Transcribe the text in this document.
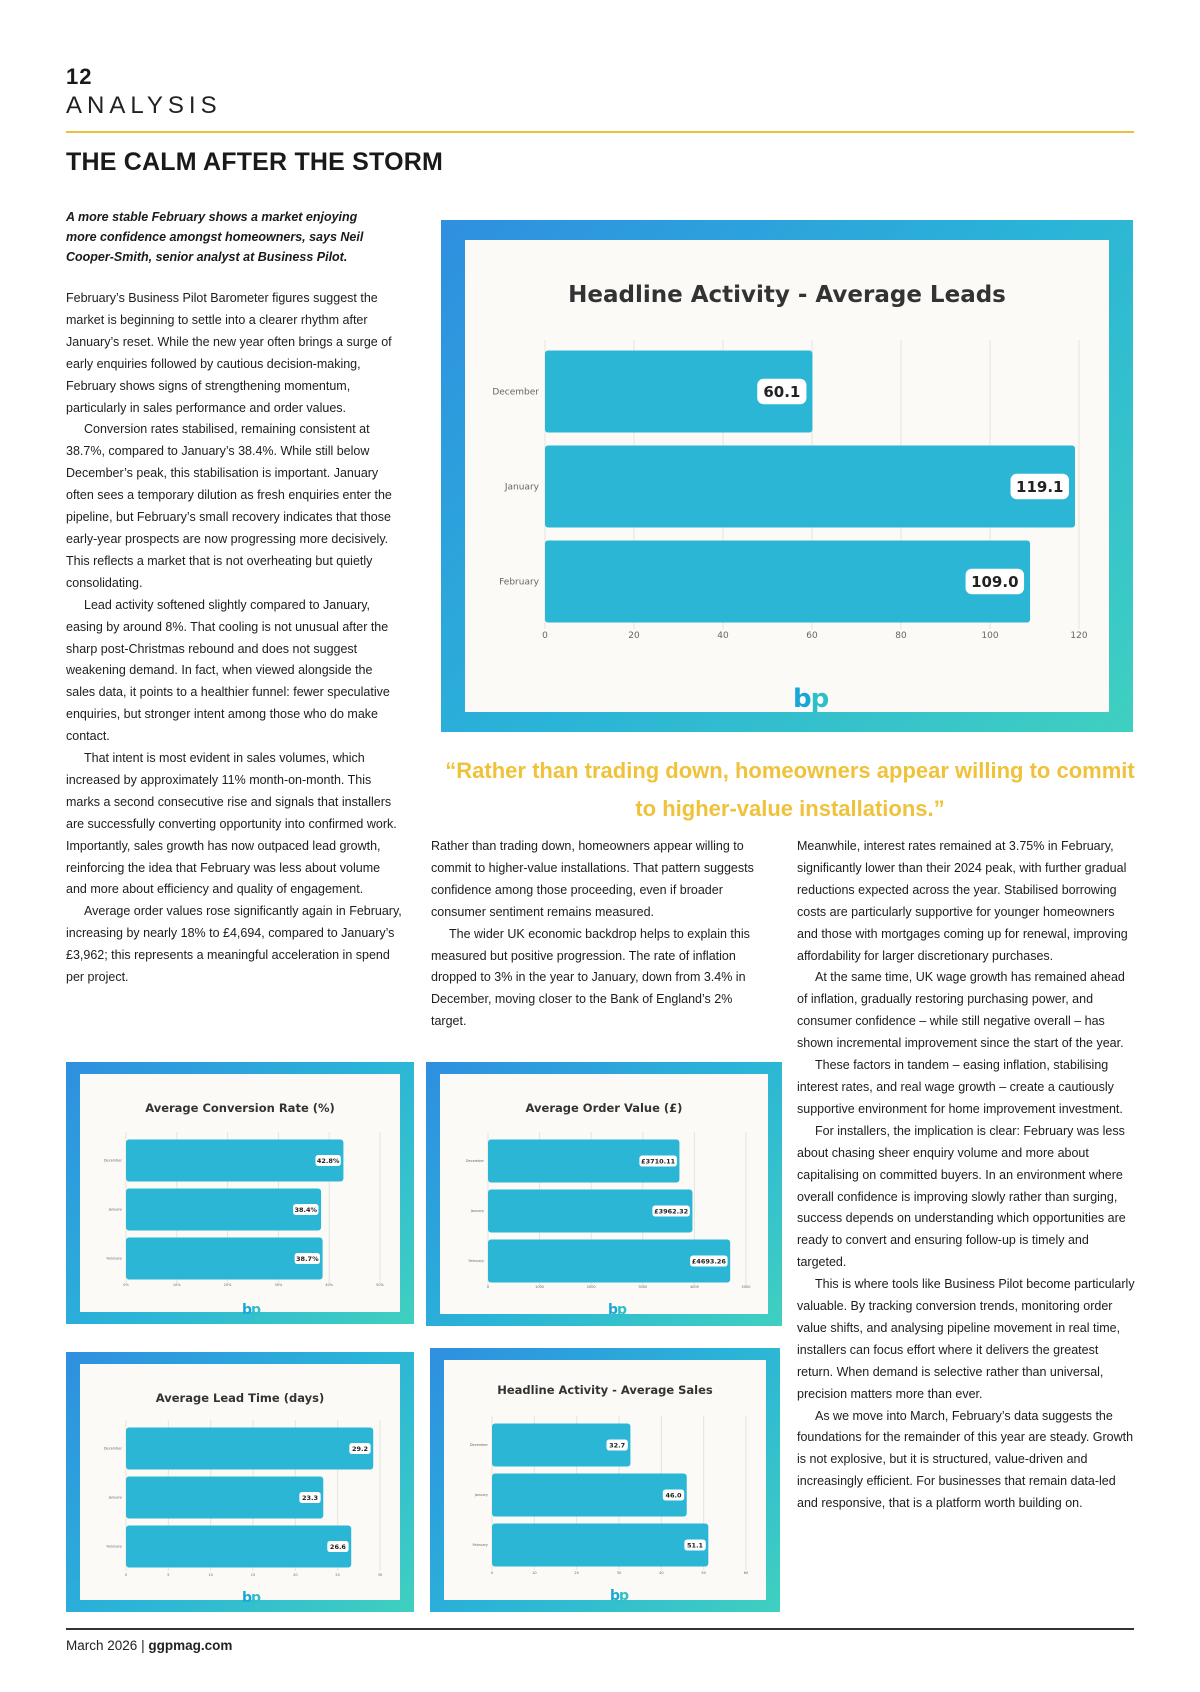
12
ANALYSIS
THE CALM AFTER THE STORM

A more stable February shows a market enjoying more confidence amongst homeowners, says Neil Cooper-Smith, senior analyst at Business Pilot.

February’s Business Pilot Barometer figures suggest the market is beginning to settle into a clearer rhythm after January’s reset. While the new year often brings a surge of early enquiries followed by cautious decision-making, February shows signs of strengthening momentum, particularly in sales performance and order values.

Conversion rates stabilised, remaining consistent at 38.7%, compared to January’s 38.4%. While still below December’s peak, this stabilisation is important. January often sees a temporary dilution as fresh enquiries enter the pipeline, but February’s small recovery indicates that those early-year prospects are now progressing more decisively. This reflects a market that is not overheating but quietly consolidating.

Lead activity softened slightly compared to January, easing by around 8%. That cooling is not unusual after the sharp post-Christmas rebound and does not suggest weakening demand. In fact, when viewed alongside the sales data, it points to a healthier funnel: fewer speculative enquiries, but stronger intent among those who do make contact.

That intent is most evident in sales volumes, which increased by approximately 11% month-on-month. This marks a second consecutive rise and signals that installers are successfully converting opportunity into confirmed work. Importantly, sales growth has now outpaced lead growth, reinforcing the idea that February was less about volume and more about efficiency and quality of engagement.

Average order values rose significantly again in February, increasing by nearly 18% to £4,694, compared to January’s £3,962; this represents a meaningful acceleration in spend per project.

0	20	40	60	80	100	120
Headline Activity - Average Leads
December	60.1
January	119.1
February	109.0
bp
“Rather than trading down, homeowners appear willing to commit to higher-value installations.”

Rather than trading down, homeowners appear willing to commit to higher-value installations. That pattern suggests confidence among those proceeding, even if broader consumer sentiment remains measured.

The wider UK economic backdrop helps to explain this measured but positive progression. The rate of inflation dropped to 3% in the year to January, down from 3.4% in December, moving closer to the Bank of England’s 2% target.

Meanwhile, interest rates remained at 3.75% in February, significantly lower than their 2024 peak, with further gradual reductions expected across the year. Stabilised borrowing costs are particularly supportive for younger homeowners and those with mortgages coming up for renewal, improving affordability for larger discretionary purchases.

At the same time, UK wage growth has remained ahead of inflation, gradually restoring purchasing power, and consumer confidence – while still negative overall – has shown incremental improvement since the start of the year.

These factors in tandem – easing inflation, stabilising interest rates, and real wage growth – create a cautiously supportive environment for home improvement investment.

For installers, the implication is clear: February was less about chasing sheer enquiry volume and more about capitalising on committed buyers. In an environment where overall confidence is improving slowly rather than surging, success depends on understanding which opportunities are ready to convert and ensuring follow-up is timely and targeted.

This is where tools like Business Pilot become particularly valuable. By tracking conversion trends, monitoring order value shifts, and analysing pipeline movement in real time, installers can focus effort where it delivers the greatest return. When demand is selective rather than universal, precision matters more than ever.

As we move into March, February’s data suggests the foundations for the remainder of this year are steady. Growth is not explosive, but it is structured, value-driven and increasingly efficient. For businesses that remain data-led and responsive, that is a platform worth building on.

0%	10%	20%	30%	40%	50%
Average Conversion Rate (%)
December	42.8%
January	38.4%
February	38.7%
bp
0	1000	2000	3000	4000	5000
Average Order Value (£)
December	£3710.11
January	£3962.32
February	£4693.26
bp
0	5	10	15	20	25	30
Average Lead Time (days)
December	29.2
January	23.3
February	26.6
bp
0	10	20	30	40	50	60
Headline Activity - Average Sales
December	32.7
January	46.0
February	51.1
bp
March 2026 | ggpmag.com
